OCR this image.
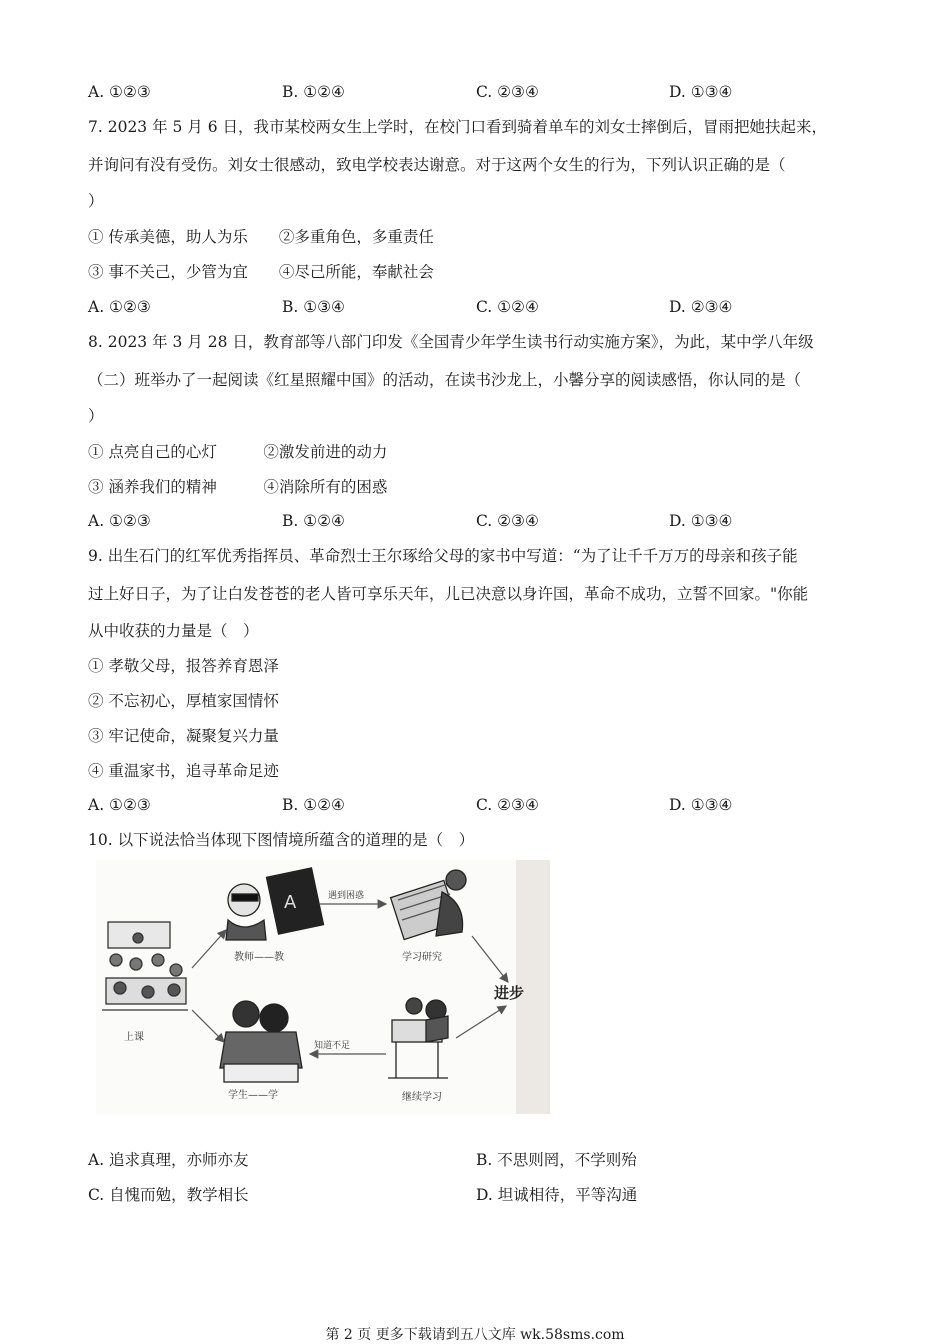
A. ①②③	B. ①②④	C. ②③④	D. ①③④
7. 2023 年 5 月 6 日，我市某校两女生上学时，在校门口看到骑着单车的刘女士摔倒后，冒雨把她扶起来，
并询问有没有受伤。刘女士很感动，致电学校表达谢意。对于这两个女生的行为，下列认识正确的是（
）
① 传承美德，助人为乐　　②多重角色，多重责任
③ 事不关己，少管为宜　　④尽己所能，奉献社会
A. ①②③	B. ①③④	C. ①②④	D. ②③④
8. 2023 年 3 月 28 日，教育部等八部门印发《全国青少年学生读书行动实施方案》，为此，某中学八年级
（二）班举办了一起阅读《红星照耀中国》的活动，在读书沙龙上，小馨分享的阅读感悟，你认同的是（
）
① 点亮自己的心灯　　　②激发前进的动力
③ 涵养我们的精神　　　④消除所有的困惑
A. ①②③	B. ①②④	C. ②③④	D. ①③④
9. 出生石门的红军优秀指挥员、革命烈士王尔琢给父母的家书中写道：“为了让千千万万的母亲和孩子能
过上好日子，为了让白发苍苍的老人皆可享乐天年，儿已决意以身许国，革命不成功，立誓不回家。"你能
从中收获的力量是（　）
① 孝敬父母，报答养育恩泽
② 不忘初心，厚植家国情怀
③ 牢记使命，凝聚复兴力量
④ 重温家书，追寻革命足迹
A. ①②③	B. ①②④	C. ②③④	D. ①③④
10. 以下说法恰当体现下图情境所蕴含的道理的是（　）
上课
A
教师——教
学生——学
学习研究
继续学习
遇到困惑
知道不足
进步
A. 追求真理，亦师亦友	B. 不思则罔，不学则殆
C. 自愧而勉，教学相长	D. 坦诚相待，平等沟通
第 2 页 更多下载请到五八文库 wk.58sms.com
